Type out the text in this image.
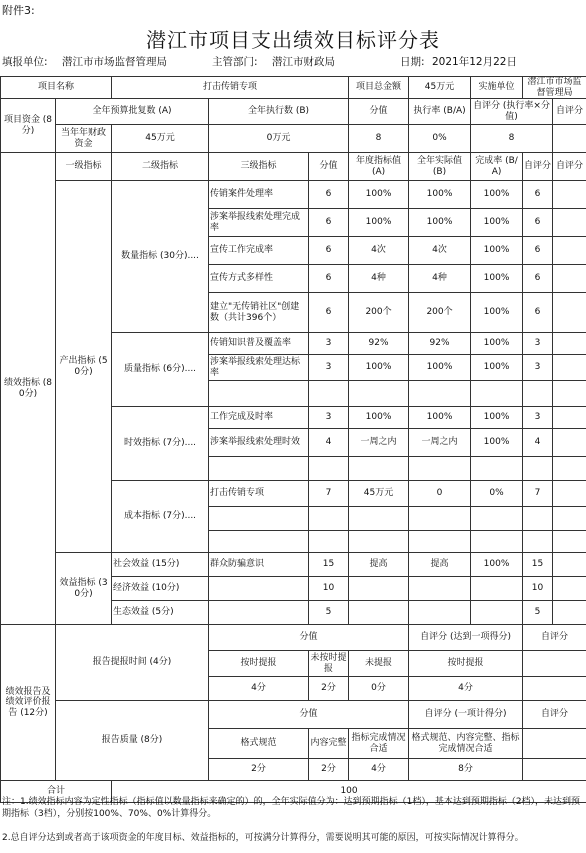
附件3:
潜江市项目支出绩效目标评分表
填报单位: 潜江市市场监督管理局	主管部门: 潜江市财政局	日期: 2021年12月22日
项目名称		打击传销专项			项目总金额	45万元	实施单位	潜江市市场监督管理局	
项目资金 (8分)	全年预算批复数 (A)		全年执行数 (B)		分值	执行率 (B/A)	自评分 (执行率×分值)		自评分
	当年年财政资金	45万元	0万元		8	0%	8		
绩效指标 (80分)	一级指标	二级指标	三级指标	分值	年度指标值 (A)	全年实际值 (B)	完成率 (B/A)	自评分	自评分
	产出指标 (50分)	数量指标 (30分)....	传销案件处理率	6	100%	100%	100%	6	
			涉案举报线索处理完成率	6	100%	100%	100%	6	
			宣传工作完成率	6	4次	4次	100%	6	
			宣传方式多样性	6	4种	4种	100%	6	
			建立"无传销社区"创建数（共计396个）	6	200个	200个	100%	6	
		质量指标 (6分)....	传销知识普及覆盖率	3	92%	92%	100%	3	
			涉案举报线索处理达标率	3	100%	100%	100%	3	

		时效指标 (7分)....	工作完成及时率	3	100%	100%	100%	3	
			涉案举报线索处理时效	4	一周之内	一周之内	100%	4	

		成本指标 (7分)....	打击传销专项	7	45万元	0	0%	7	

	效益指标 (30分)	社会效益 (15分)	群众防骗意识	15	提高	提高	100%	15	
		经济效益 (10分)		10				10	
		生态效益 (5分)		5				5	
绩效报告及绩效评价报告 (12分)	报告提报时间 (4分)		分值			自评分 (达到一项得分)		自评分	
			按时提报	未按时提报	未提报	按时提报			
			4分	2分	0分	4分			
	报告质量 (8分)		分值			自评分 (一项计得分)		自评分	
			格式规范	内容完整	指标完成情况合适	格式规范、内容完整、指标完成情况合适			
			2分	2分	4分	8分			
合计		100							
注：1.绩效指标内容为定性指标（指标值以数量指标来确定的）的，全年实际值分为：达到预期指标（1档），基本达到预期指标（2档），未达到预期指标（3档），分别按100%、70%、0%计算得分。
2.总自评分达到或者高于该项资金的年度目标、效益指标的，可按满分计算得分，需要说明其可能的原因，可按实际情况计算得分。
